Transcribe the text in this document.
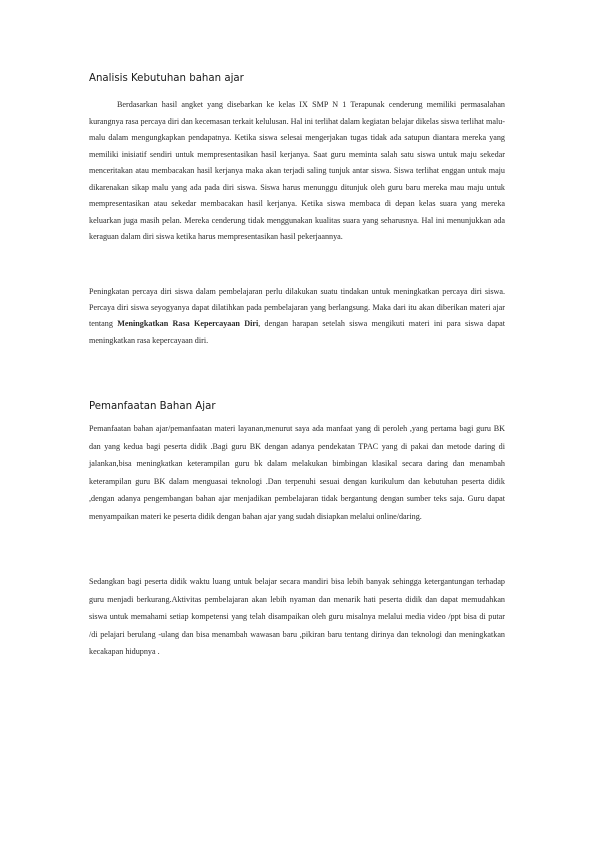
Analisis Kebutuhan bahan ajar

Berdasarkan hasil angket yang disebarkan ke kelas IX SMP N 1 Terapunak cenderung memiliki permasalahan kurangnya rasa percaya diri dan kecemasan terkait kelulusan. Hal ini terlihat dalam kegiatan belajar dikelas siswa terlihat malu-malu dalam mengungkapkan pendapatnya. Ketika siswa selesai mengerjakan tugas tidak ada satupun diantara mereka yang memiliki inisiatif sendiri untuk mempresentasikan hasil kerjanya. Saat guru meminta salah satu siswa untuk maju sekedar menceritakan atau membacakan hasil kerjanya maka akan terjadi saling tunjuk antar siswa. Siswa terlihat enggan untuk maju dikarenakan sikap malu yang ada pada diri siswa. Siswa harus menunggu ditunjuk oleh guru baru mereka mau maju untuk mempresentasikan atau sekedar membacakan hasil kerjanya. Ketika siswa membaca di depan kelas suara yang mereka keluarkan juga masih pelan. Mereka cenderung tidak menggunakan kualitas suara yang seharusnya. Hal ini menunjukkan ada keraguan dalam diri siswa ketika harus mempresentasikan hasil pekerjaannya.

Peningkatan percaya diri siswa dalam pembelajaran perlu dilakukan suatu tindakan untuk meningkatkan percaya diri siswa. Percaya diri siswa seyogyanya dapat dilatihkan pada pembelajaran yang berlangsung. Maka dari itu akan diberikan materi ajar tentang Meningkatkan Rasa Kepercayaan Diri, dengan harapan setelah siswa mengikuti materi ini para siswa dapat meningkatkan rasa kepercayaan diri.

Pemanfaatan Bahan Ajar

Pemanfaatan bahan ajar/pemanfaatan materi layanan,menurut saya ada manfaat yang di peroleh ,yang pertama bagi guru BK dan yang kedua bagi peserta didik .Bagi guru BK dengan adanya pendekatan TPAC yang di pakai dan metode daring di jalankan,bisa meningkatkan keterampilan guru bk dalam melakukan bimbingan klasikal secara daring dan menambah keterampilan guru BK dalam menguasai teknologi .Dan terpenuhi sesuai dengan kurikulum dan kebutuhan peserta didik ,dengan adanya pengembangan bahan ajar menjadikan pembelajaran tidak bergantung dengan sumber teks saja. Guru dapat menyampaikan materi ke peserta didik dengan bahan ajar yang sudah disiapkan melalui online/daring.

Sedangkan bagi peserta didik waktu luang untuk belajar secara mandiri bisa lebih banyak sehingga ketergantungan terhadap guru menjadi berkurang.Aktivitas pembelajaran akan lebih nyaman dan menarik hati peserta didik dan dapat memudahkan siswa untuk memahami setiap kompetensi yang telah disampaikan oleh guru misalnya melalui media video /ppt bisa di putar /di pelajari berulang -ulang dan bisa menambah wawasan baru ,pikiran baru tentang dirinya dan teknologi dan meningkatkan kecakapan hidupnya .
